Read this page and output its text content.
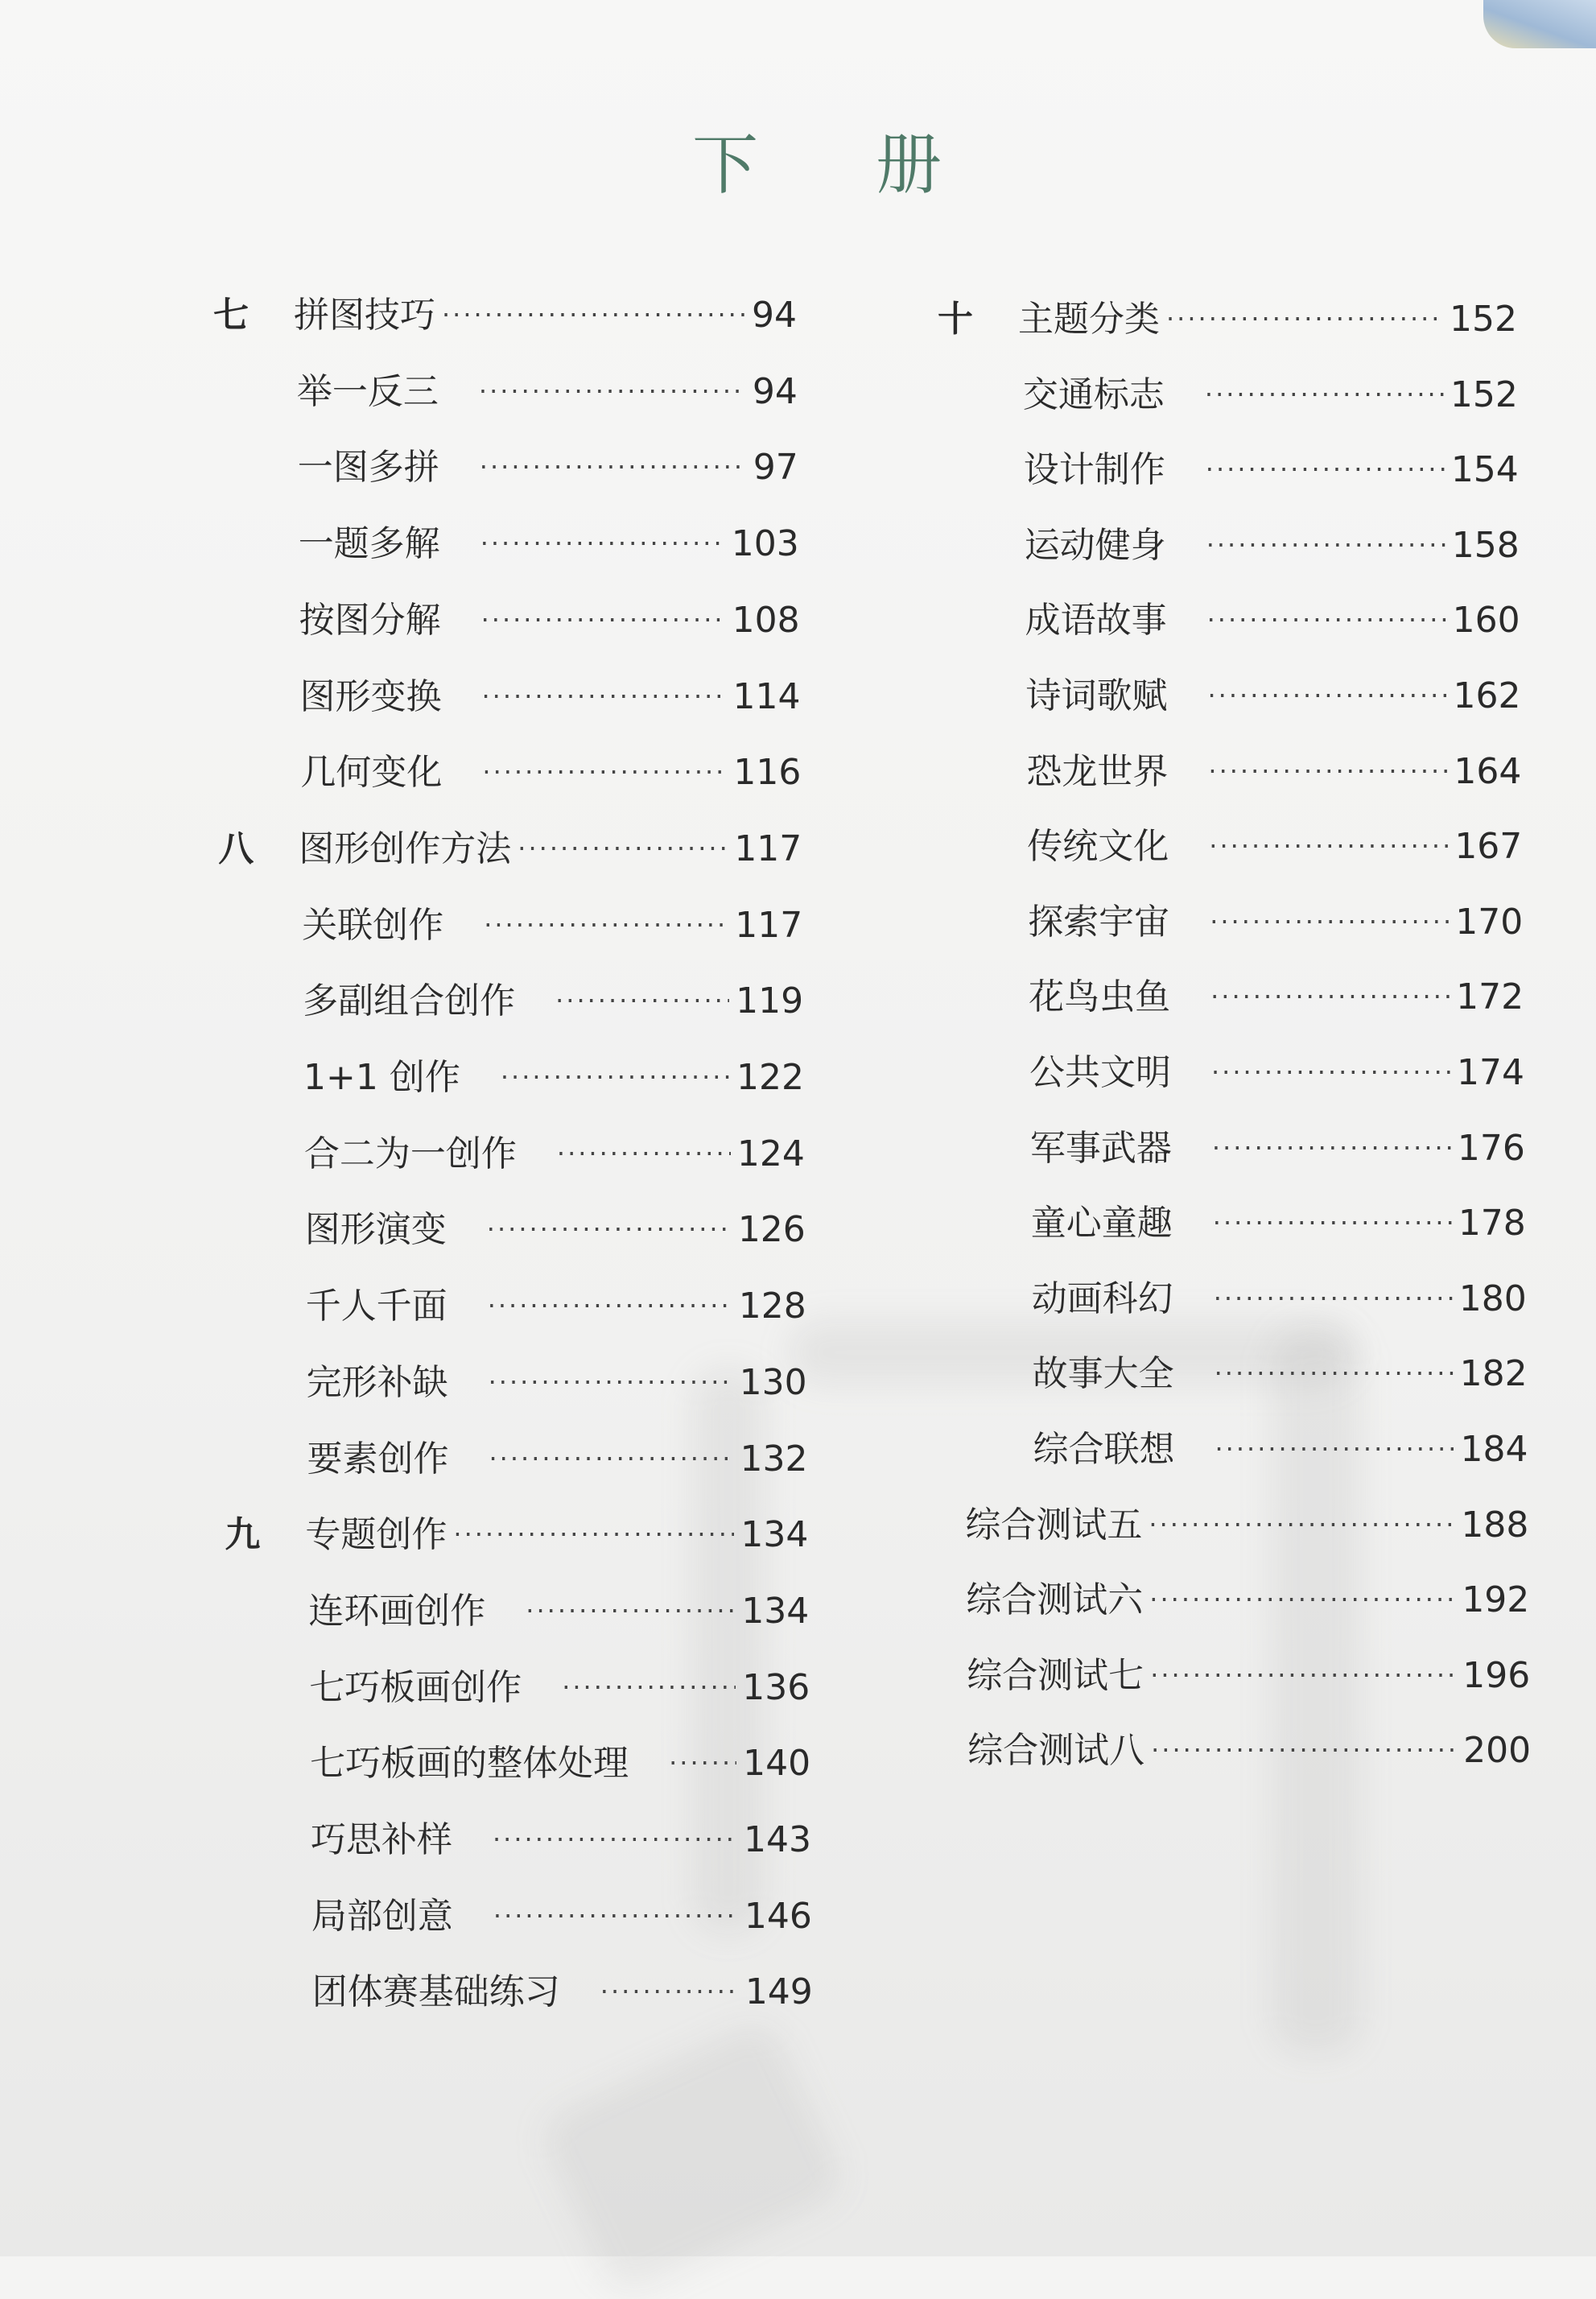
下 册
七	拼图技巧 ·····	94
举一反三 ·····	94
一图多拼 ·····	97
一题多解 ·····	103
按图分解 ·····	108
图形变换 ·····	114
几何变化 ·····	116
八	图形创作方法 ·····	117
关联创作 ·····	117
多副组合创作 ·····	119
1+1 创作 ·····	122
合二为一创作 ·····	124
图形演变 ·····	126
千人千面 ·····	128
完形补缺 ·····	130
要素创作 ·····	132
九	专题创作 ·····	134
连环画创作 ·····	134
七巧板画创作 ·····	136
七巧板画的整体处理 ·····	140
巧思补样 ·····	143
局部创意 ·····	146
团体赛基础练习 ·····	149
十	主题分类 ·····	152
交通标志 ·····	152
设计制作 ·····	154
运动健身 ·····	158
成语故事 ·····	160
诗词歌赋 ·····	162
恐龙世界 ·····	164
传统文化 ·····	167
探索宇宙 ·····	170
花鸟虫鱼 ·····	172
公共文明 ·····	174
军事武器 ·····	176
童心童趣 ·····	178
动画科幻 ·····	180
故事大全 ·····	182
综合联想 ·····	184
综合测试五 ·····	188
综合测试六 ·····	192
综合测试七 ·····	196
综合测试八 ·····	200
